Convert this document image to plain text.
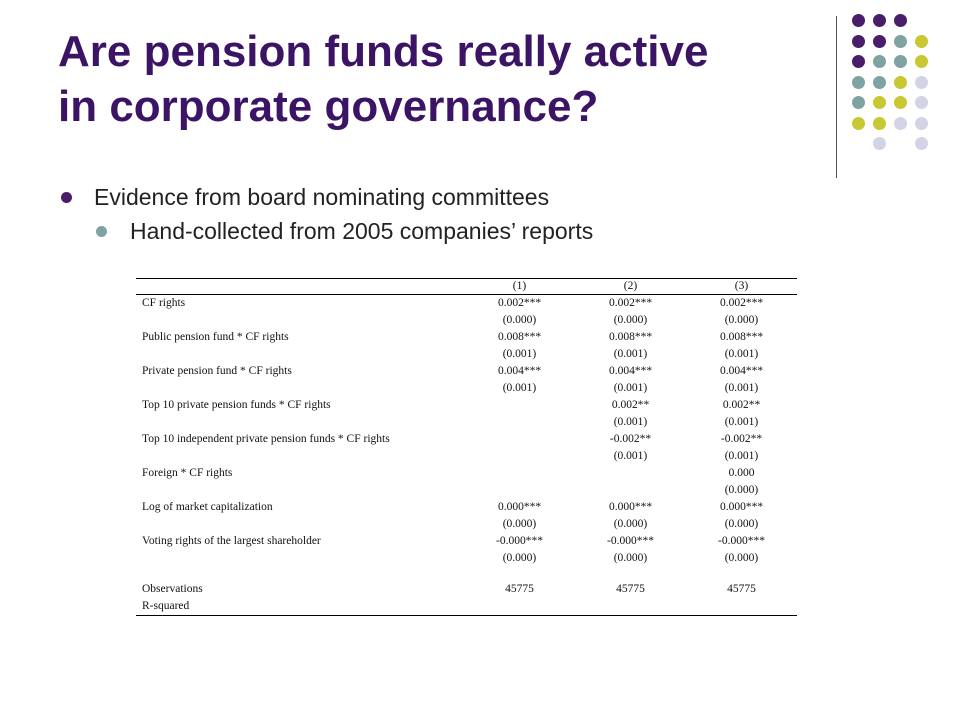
Are pension funds really active
in corporate governance?
Evidence from board nominating committees
Hand-collected from 2005 companies’ reports
	(1)	(2)	(3)
CF rights	0.002***	0.002***	0.002***
	(0.000)	(0.000)	(0.000)
Public pension fund * CF rights	0.008***	0.008***	0.008***
	(0.001)	(0.001)	(0.001)
Private pension fund * CF rights	0.004***	0.004***	0.004***
	(0.001)	(0.001)	(0.001)
Top 10 private pension funds * CF rights		0.002**	0.002**
		(0.001)	(0.001)
Top 10 independent private pension funds * CF rights		-0.002**	-0.002**
		(0.001)	(0.001)
Foreign * CF rights			0.000
			(0.000)
Log of market capitalization	0.000***	0.000***	0.000***
	(0.000)	(0.000)	(0.000)
Voting rights of the largest shareholder	-0.000***	-0.000***	-0.000***
	(0.000)	(0.000)	(0.000)

Observations	45775	45775	45775
R-squared			
